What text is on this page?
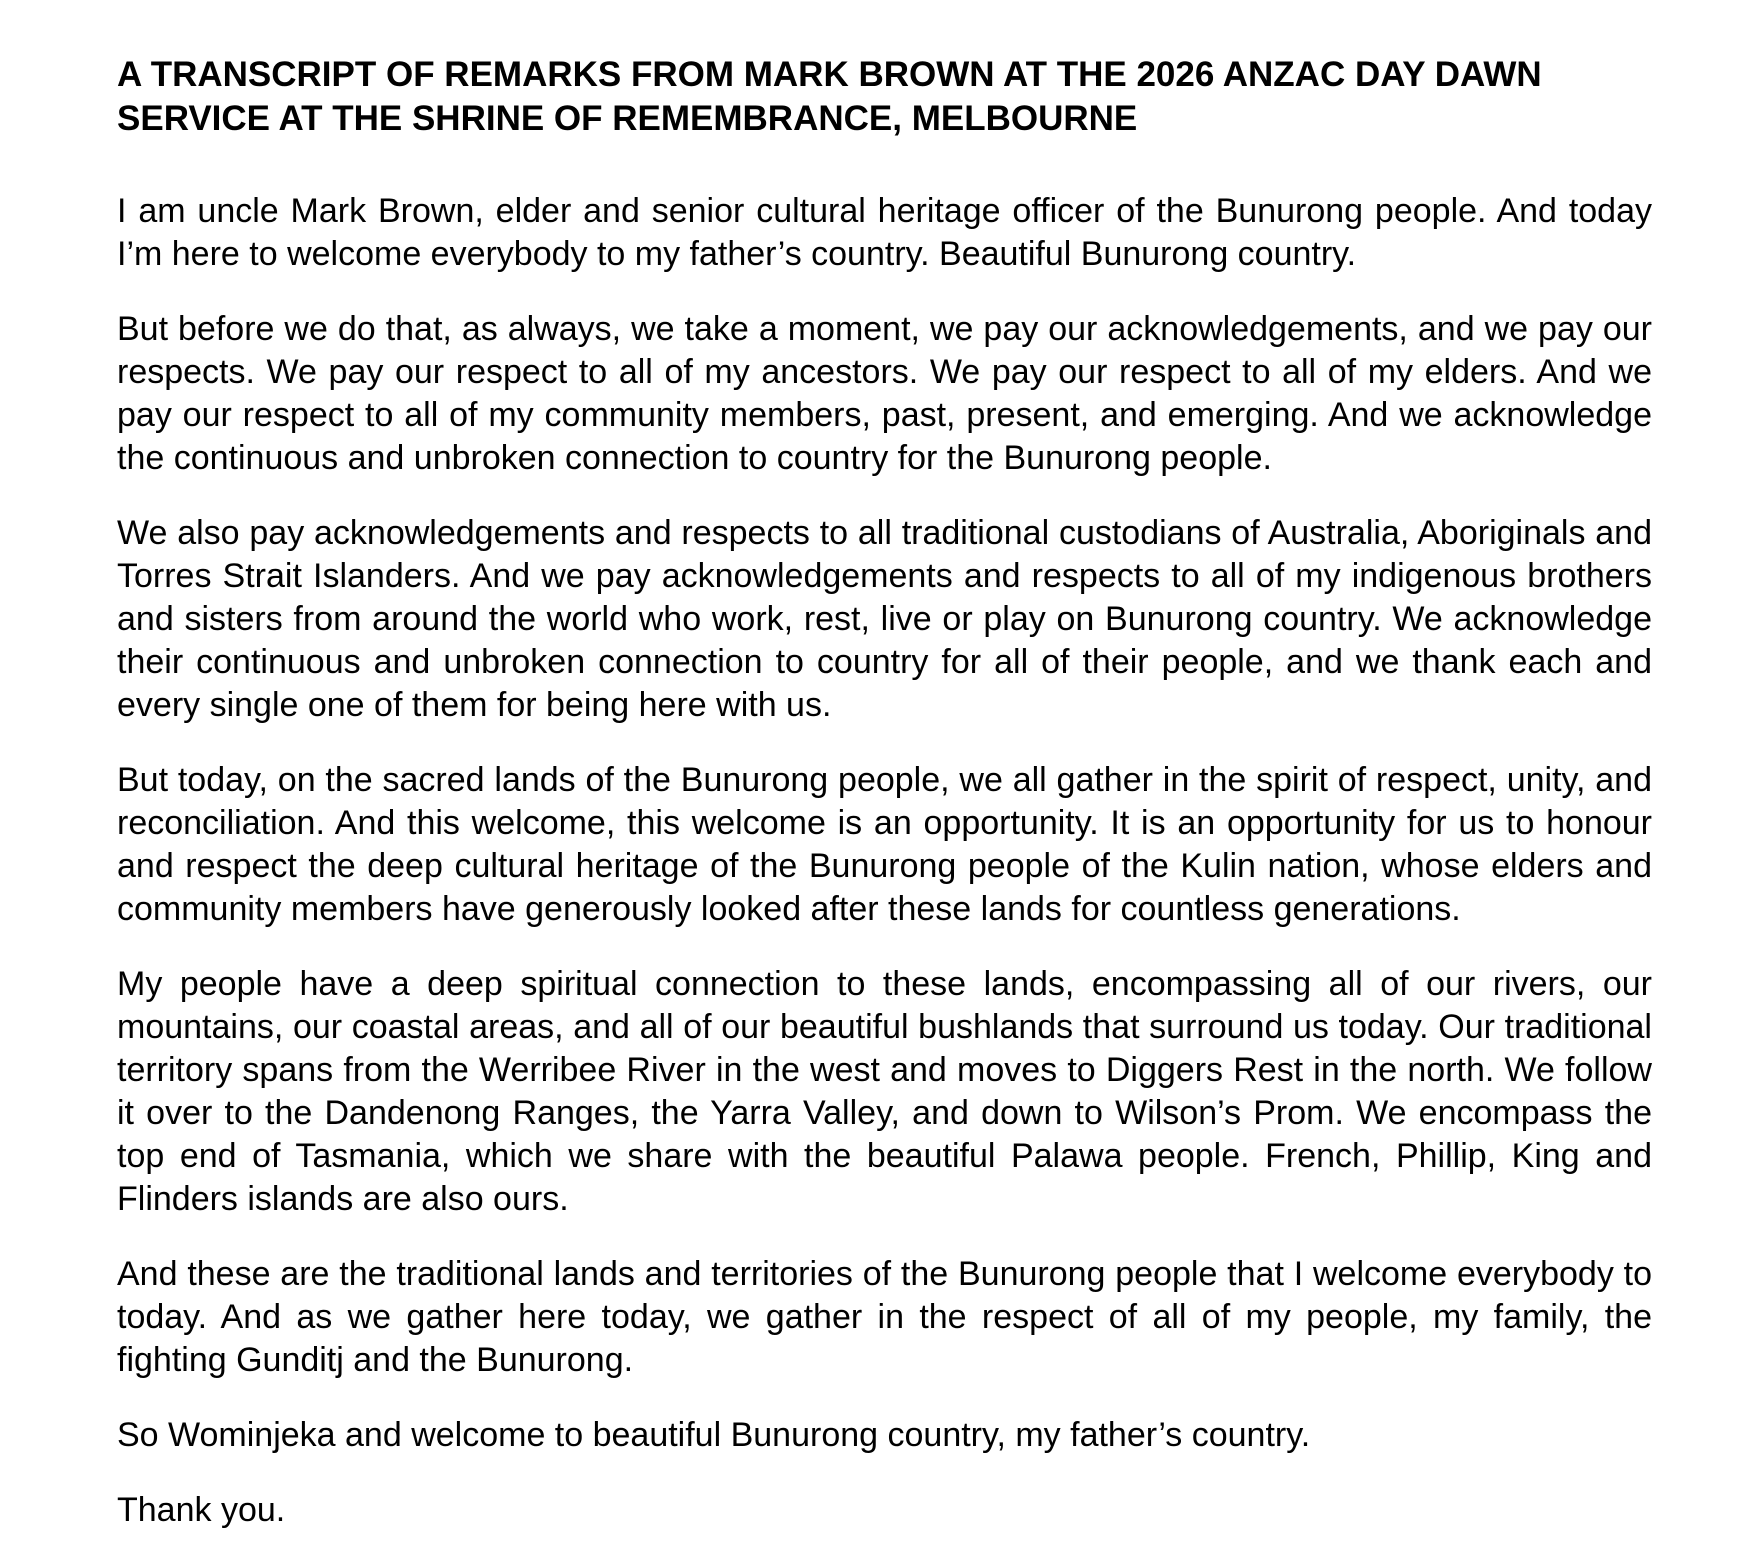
A TRANSCRIPT OF REMARKS FROM MARK BROWN AT THE 2026 ANZAC DAY DAWN SERVICE AT THE SHRINE OF REMEMBRANCE, MELBOURNE

I am uncle Mark Brown, elder and senior cultural heritage officer of the Bunurong people. And today I’m here to welcome everybody to my father’s country. Beautiful Bunurong country.

But before we do that, as always, we take a moment, we pay our acknowledgements, and we pay our respects. We pay our respect to all of my ancestors. We pay our respect to all of my elders. And we pay our respect to all of my community members, past, present, and emerging. And we acknowledge the continuous and unbroken connection to country for the Bunurong people.

We also pay acknowledgements and respects to all traditional custodians of Australia, Aboriginals and Torres Strait Islanders. And we pay acknowledgements and respects to all of my indigenous brothers and sisters from around the world who work, rest, live or play on Bunurong country. We acknowledge their continuous and unbroken connection to country for all of their people, and we thank each and every single one of them for being here with us.

But today, on the sacred lands of the Bunurong people, we all gather in the spirit of respect, unity, and reconciliation. And this welcome, this welcome is an opportunity. It is an opportunity for us to honour and respect the deep cultural heritage of the Bunurong people of the Kulin nation, whose elders and community members have generously looked after these lands for countless generations.

My people have a deep spiritual connection to these lands, encompassing all of our rivers, our mountains, our coastal areas, and all of our beautiful bushlands that surround us today. Our traditional territory spans from the Werribee River in the west and moves to Diggers Rest in the north. We follow it over to the Dandenong Ranges, the Yarra Valley, and down to Wilson’s Prom. We encompass the top end of Tasmania, which we share with the beautiful Palawa people. French, Phillip, King and Flinders islands are also ours.

And these are the traditional lands and territories of the Bunurong people that I welcome everybody to today. And as we gather here today, we gather in the respect of all of my people, my family, the fighting Gunditj and the Bunurong.

So Wominjeka and welcome to beautiful Bunurong country, my father’s country.

Thank you.
